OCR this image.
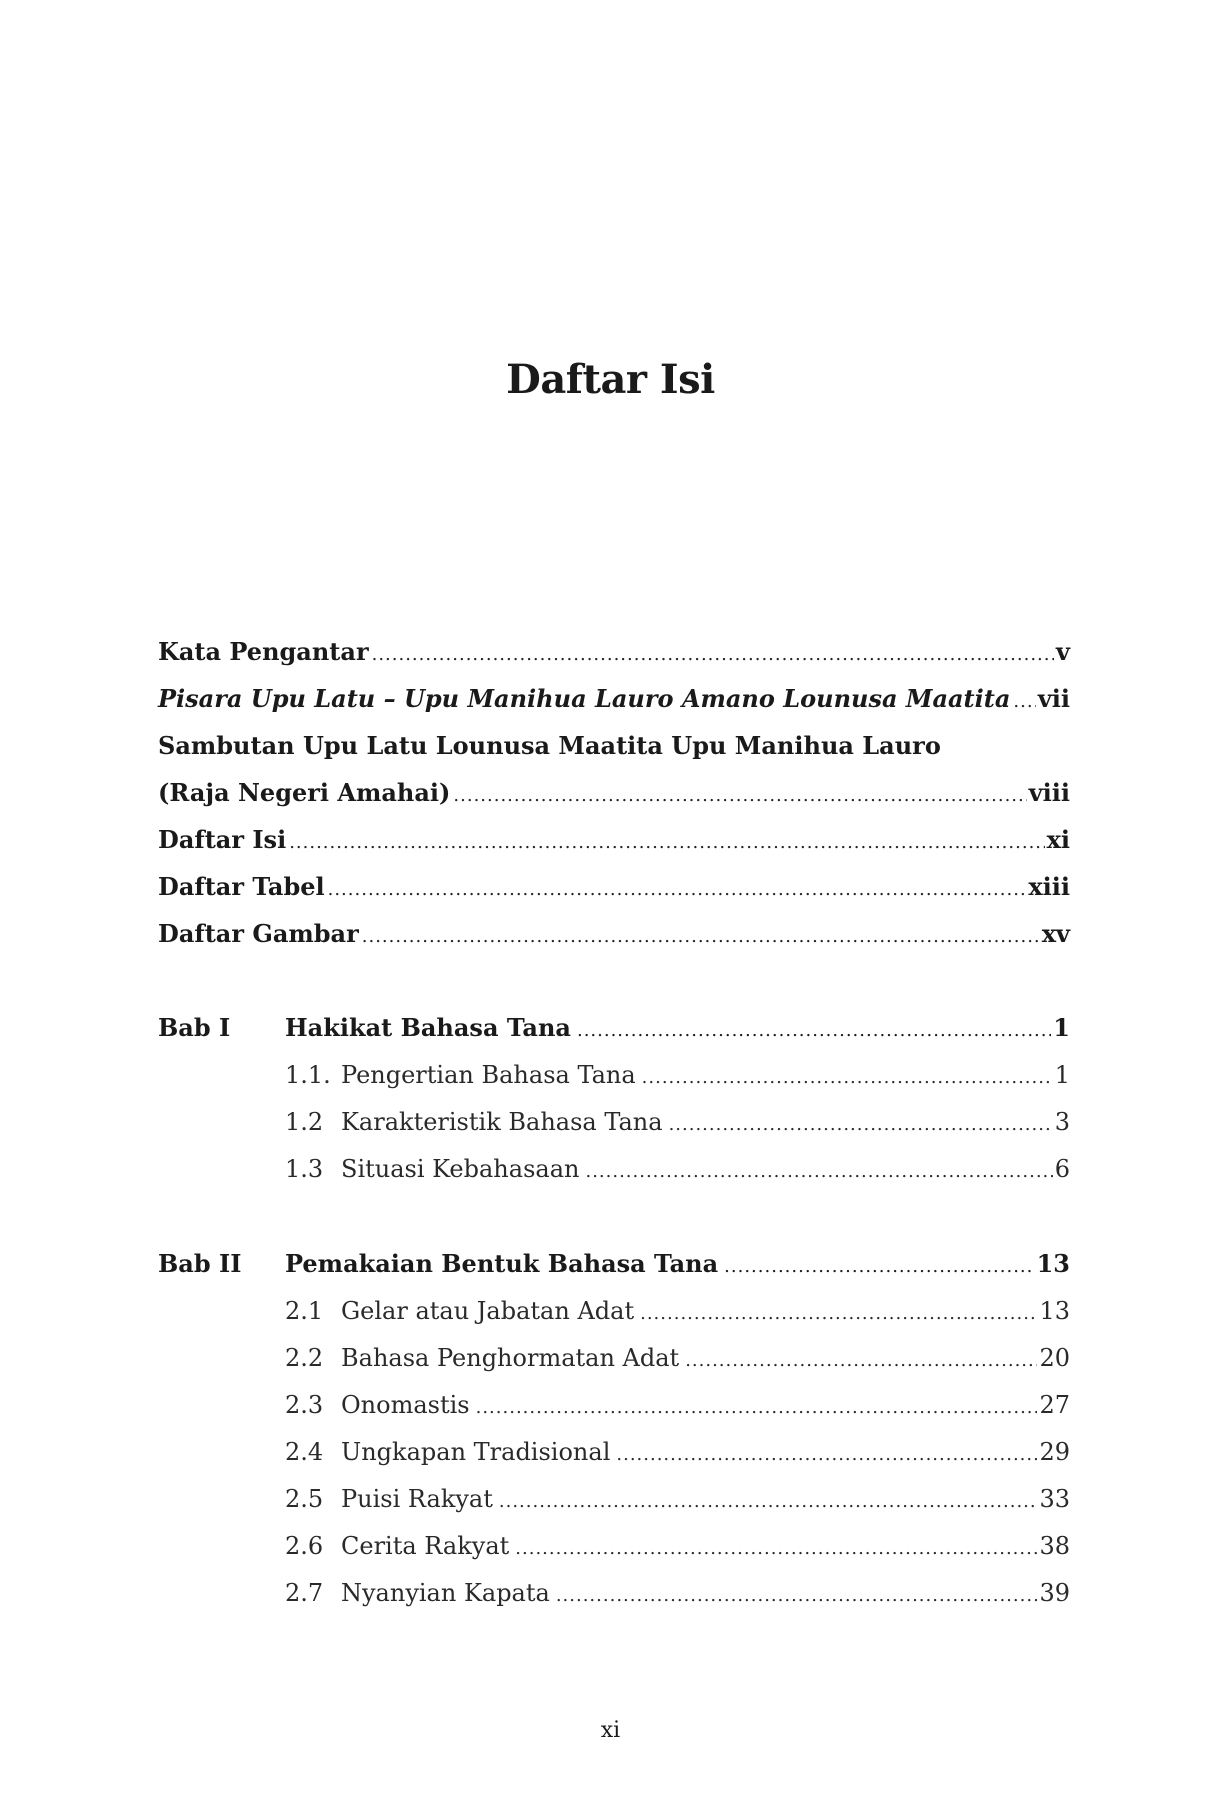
Daftar Isi
Kata Pengantar .....	v
Pisara Upu Latu – Upu Manihua Lauro Amano Lounusa Maatita ..... vii
Sambutan Upu Latu Lounusa Maatita Upu Manihua Lauro
(Raja Negeri Amahai) .....	viii
Daftar Isi .....	xi
Daftar Tabel .....	xiii
Daftar Gambar .....	xv
Bab I	Hakikat Bahasa Tana .....	1
1.1. Pengertian Bahasa Tana .....	1
1.2 Karakteristik Bahasa Tana .....	3
1.3 Situasi Kebahasaan .....	6
Bab II	Pemakaian Bentuk Bahasa Tana .....	13
2.1 Gelar atau Jabatan Adat .....	13
2.2 Bahasa Penghormatan Adat .....	20
2.3 Onomastis .....	27
2.4 Ungkapan Tradisional .....	29
2.5 Puisi Rakyat .....	33
2.6 Cerita Rakyat .....	38
2.7 Nyanyian Kapata .....	39
xi
